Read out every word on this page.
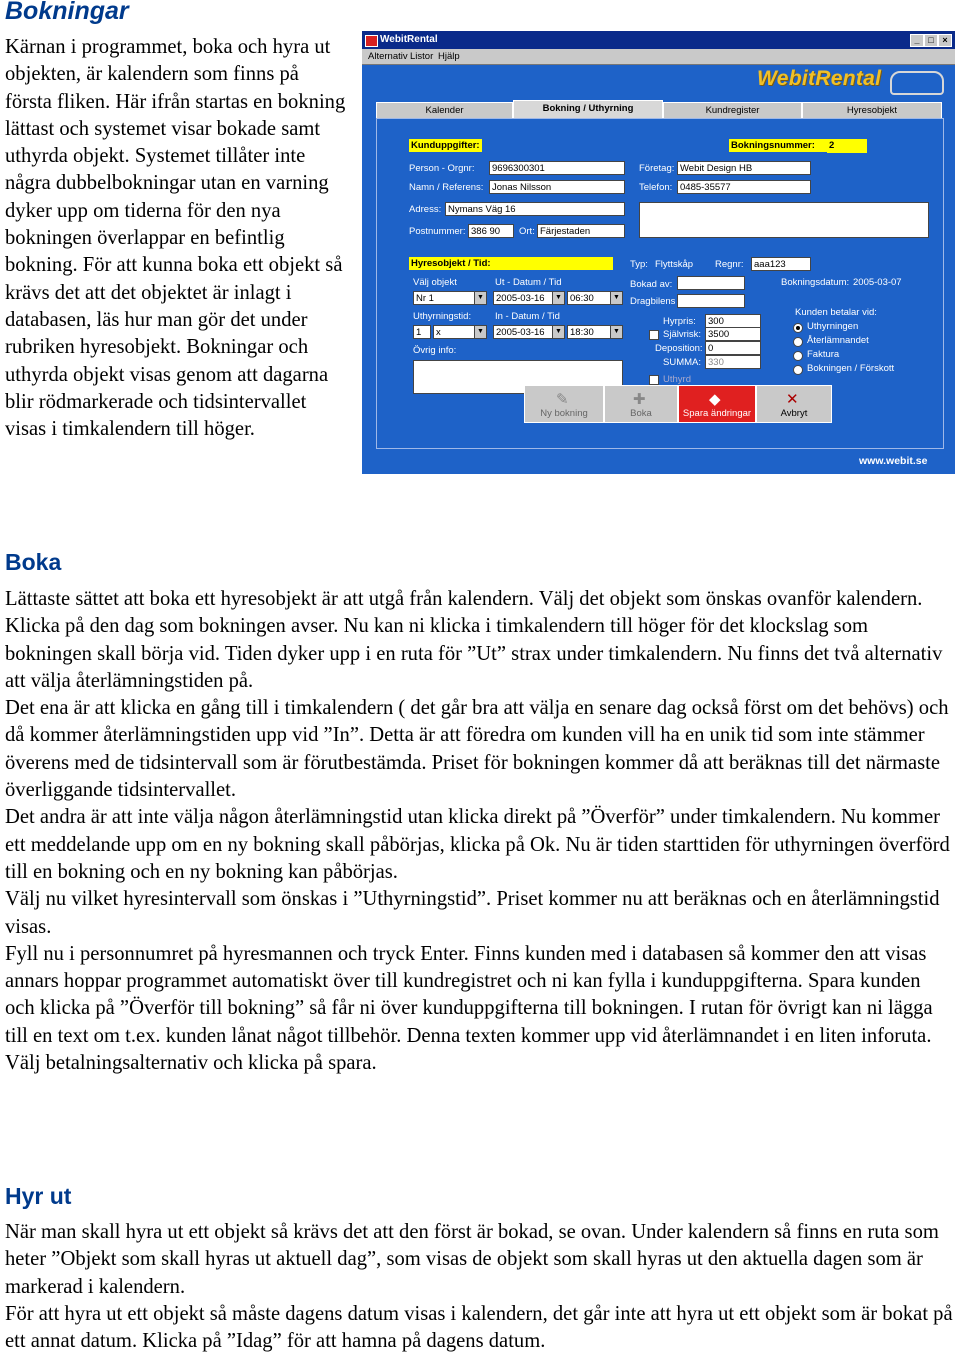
Bokningar

Kärnan i programmet, boka och hyra ut objekten, är kalendern som finns på första fliken. Här ifrån startas en bokning lättast och systemet visar bokade samt uthyrda objekt. Systemet tillåter inte några dubbelbokningar utan en varning dyker upp om tiderna för den nya bokningen överlappar en befintlig bokning. För att kunna boka ett objekt så krävs det att det objektet är inlagt i databasen, läs hur man gör det under rubriken hyresobjekt. Bokningar och uthyrda objekt visas genom att dagarna blir rödmarkerade och tidsintervallet visas i timkalendern till höger.

WebitRental	_ □ ×
Alternativ Listor Hjälp
WebitRental
Kalender	Bokning / Uthyrning	Kundregister	Hyresobjekt
Kunduppgifter:	Bokningsnummer:	2
Person - Orgnr:	9696300301
Namn / Referens: Jonas Nilsson
Adress: Nymans Väg 16
Postnummer: 386 90	Ort: Färjestaden
Företag: Webit Design HB
Telefon: 0485-35577
Hyresobjekt / Tid:	Typ: Flyttskåp Regnr:	aaa123
Bokad av:
Dragbilens
Bokningsdatum: 2005-03-07
Välj objekt
Nr 1	▼
Ut - Datum / Tid
2005-03-16	▼ 06:30	▼
Uthyrningstid:
1	x	▼
In - Datum / Tid
2005-03-16	▼ 18:30	▼
Övrig info:
Hyrpris:	300
Självrisk: 3500
Deposition: 0
SUMMA: 330
Uthyrd
Kunden betalar vid:
Uthyrningen
Återlämnandet
Faktura
Bokningen / Förskott
✎
Ny bokning
✚
Boka
◆
Spara ändringar
✕
Avbryt
www.webit.se
Boka

Lättaste sättet att boka ett hyresobjekt är att utgå från kalendern. Välj det objekt som önskas ovanför kalendern. Klicka på den dag som bokningen avser. Nu kan ni klicka i timkalendern till höger för det klockslag som bokningen skall börja vid. Tiden dyker upp i en ruta för ”Ut” strax under timkalendern. Nu finns det två alternativ att välja återlämningstiden på.

Det ena är att klicka en gång till i timkalendern ( det går bra att välja en senare dag också först om det behövs) och då kommer återlämningstiden upp vid ”In”. Detta är att föredra om kunden vill ha en unik tid som inte stämmer överens med de tidsintervall som är förutbestämda. Priset för bokningen kommer då att beräknas till det närmaste överliggande tidsintervallet.

Det andra är att inte välja någon återlämningstid utan klicka direkt på ”Överför” under timkalendern. Nu kommer ett meddelande upp om en ny bokning skall påbörjas, klicka på Ok. Nu är tiden starttiden för uthyrningen överförd till en bokning och en ny bokning kan påbörjas.

Välj nu vilket hyresintervall som önskas i ”Uthyrningstid”. Priset kommer nu att beräknas och en återlämningstid visas.

Fyll nu i personnumret på hyresmannen och tryck Enter. Finns kunden med i databasen så kommer den att visas annars hoppar programmet automatiskt över till kundregistret och ni kan fylla i kunduppgifterna. Spara kunden och klicka på ”Överför till bokning” så får ni över kunduppgifterna till bokningen. I rutan för övrigt kan ni lägga till en text om t.ex. kunden lånat något tillbehör. Denna texten kommer upp vid återlämnandet i en liten inforuta.

Välj betalningsalternativ och klicka på spara.

Hyr ut

När man skall hyra ut ett objekt så krävs det att den först är bokad, se ovan. Under kalendern så finns en ruta som heter ”Objekt som skall hyras ut aktuell dag”, som visas de objekt som skall hyras ut den aktuella dagen som är markerad i kalendern.

För att hyra ut ett objekt så måste dagens datum visas i kalendern, det går inte att hyra ut ett objekt som är bokat på ett annat datum. Klicka på ”Idag” för att hamna på dagens datum.
